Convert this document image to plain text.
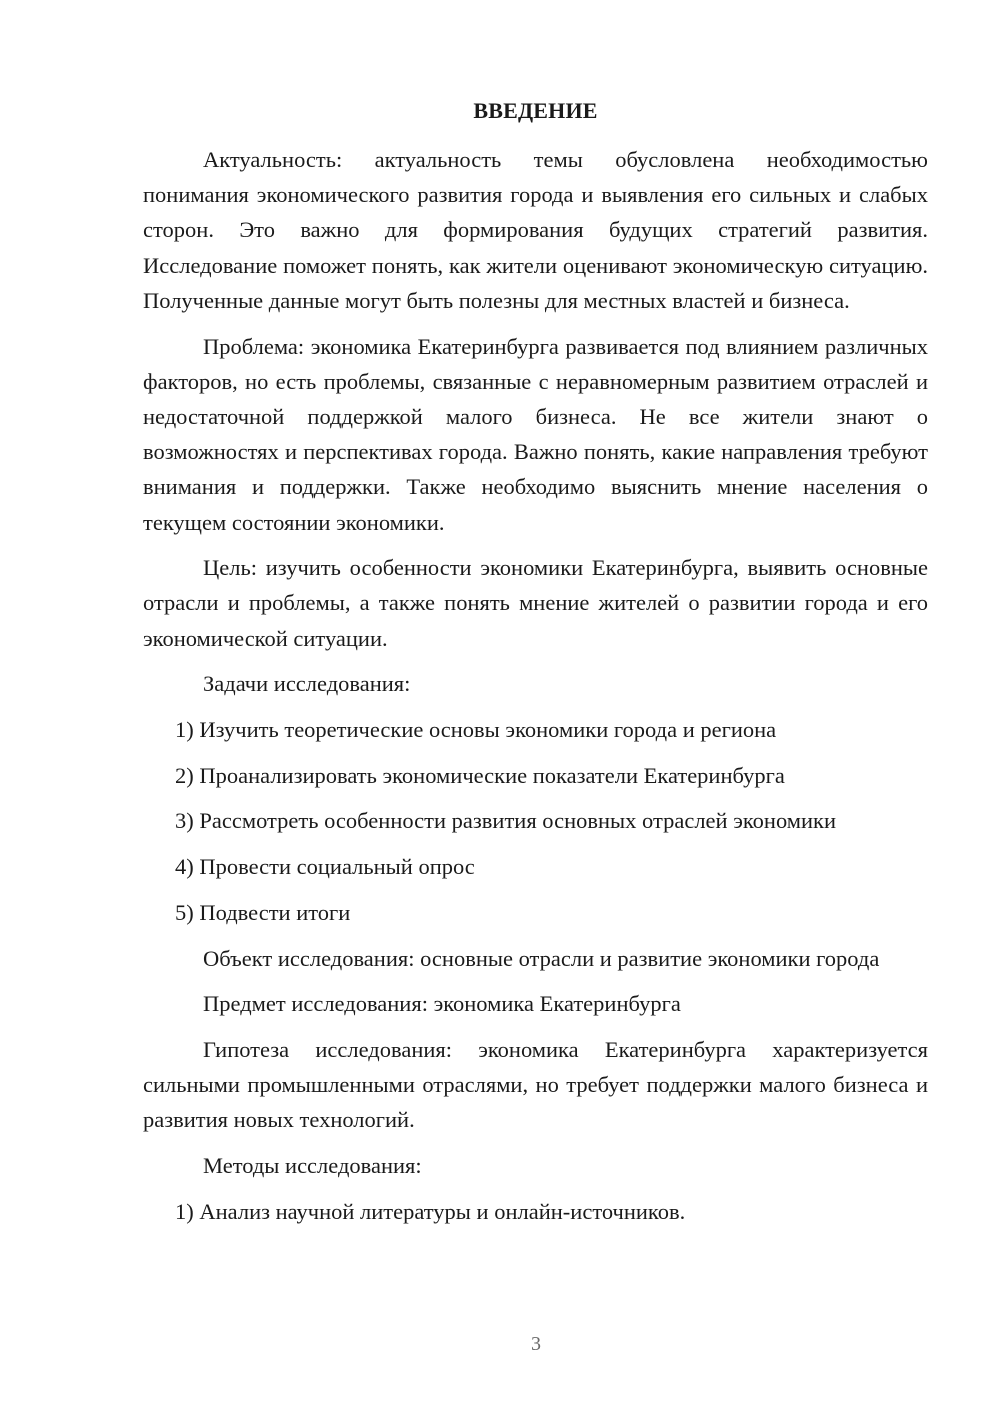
ВВЕДЕНИЕ

Актуальность: актуальность темы обусловлена необходимостью понимания экономического развития города и выявления его сильных и слабых сторон. Это важно для формирования будущих стратегий развития. Исследование поможет понять, как жители оценивают экономическую ситуацию. Полученные данные могут быть полезны для местных властей и бизнеса.

Проблема: экономика Екатеринбурга развивается под влиянием различных факторов, но есть проблемы, связанные с неравномерным развитием отраслей и недостаточной поддержкой малого бизнеса. Не все жители знают о возможностях и перспективах города. Важно понять, какие направления требуют внимания и поддержки. Также необходимо выяснить мнение населения о текущем состоянии экономики.

Цель: изучить особенности экономики Екатеринбурга, выявить основные отрасли и проблемы, а также понять мнение жителей о развитии города и его экономической ситуации.

Задачи исследования:

1) Изучить теоретические основы экономики города и региона

2) Проанализировать экономические показатели Екатеринбурга

3) Рассмотреть особенности развития основных отраслей экономики

4) Провести социальный опрос

5) Подвести итоги

Объект исследования: основные отрасли и развитие экономики города

Предмет исследования: экономика Екатеринбурга

Гипотеза исследования: экономика Екатеринбурга характеризуется сильными промышленными отраслями, но требует поддержки малого бизнеса и развития новых технологий.

Методы исследования:

1) Анализ научной литературы и онлайн-источников.

3
